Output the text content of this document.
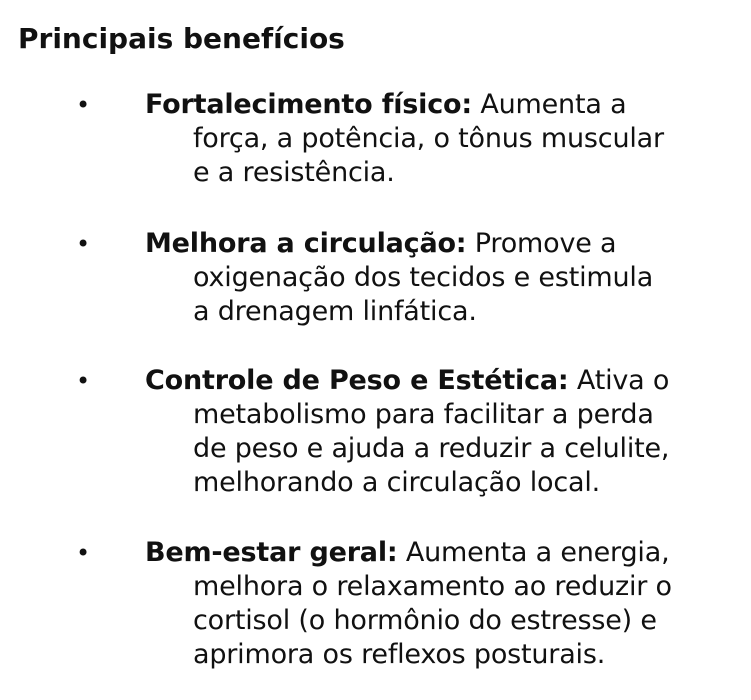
Principais benefícios
• Fortalecimento físico: Aumenta a
força, a potência, o tônus muscular
e a resistência.
• Melhora a circulação: Promove a
oxigenação dos tecidos e estimula
a drenagem linfática.
• Controle de Peso e Estética: Ativa o
metabolismo para facilitar a perda
de peso e ajuda a reduzir a celulite,
melhorando a circulação local.
• Bem-estar geral: Aumenta a energia,
melhora o relaxamento ao reduzir o
cortisol (o hormônio do estresse) e
aprimora os reflexos posturais.
